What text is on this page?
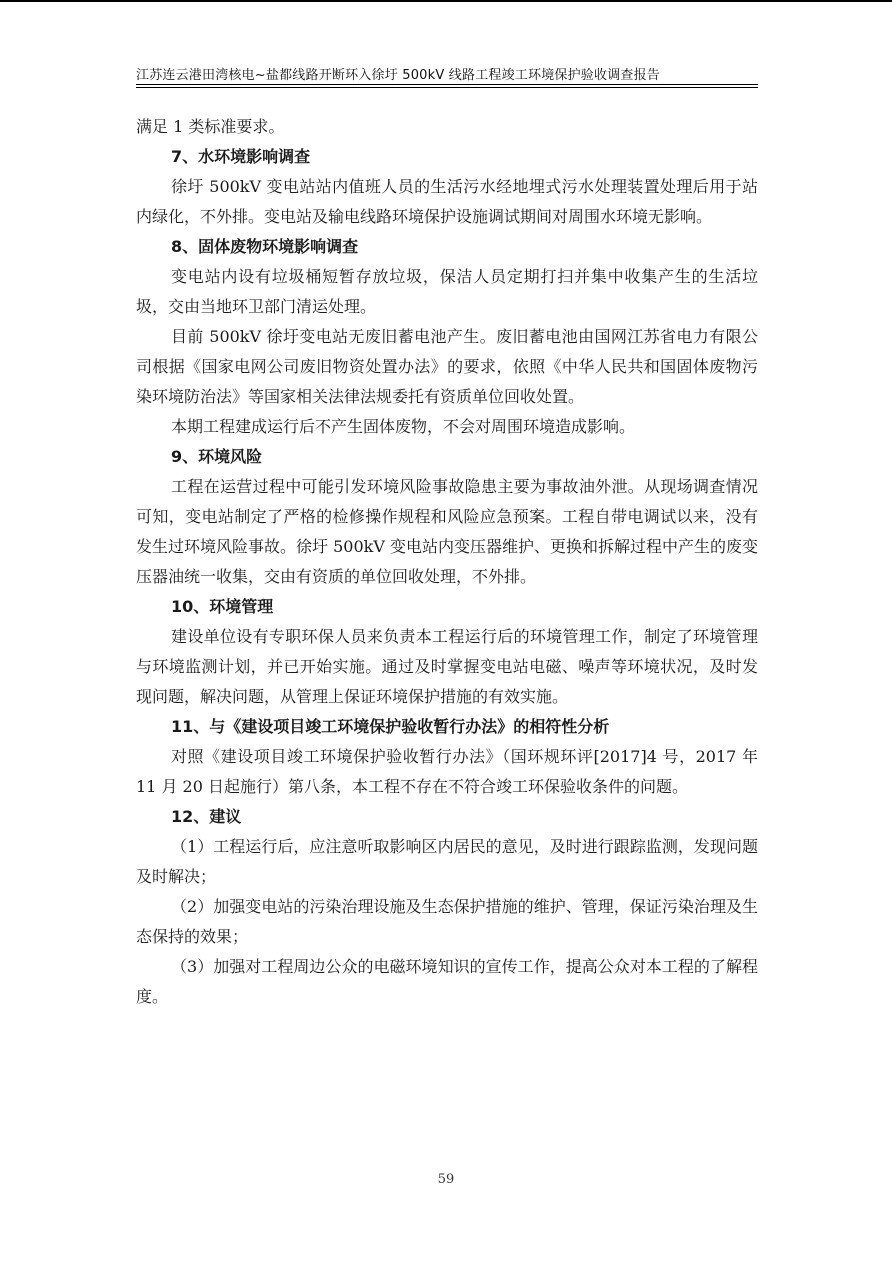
江苏连云港田湾核电~盐都线路开断环入徐圩 500kV 线路工程竣工环境保护验收调查报告

满足 1 类标准要求。

7、水环境影响调查

徐圩 500kV 变电站站内值班人员的生活污水经地埋式污水处理装置处理后用于站内绿化，不外排。变电站及输电线路环境保护设施调试期间对周围水环境无影响。

8、固体废物环境影响调查

变电站内设有垃圾桶短暂存放垃圾，保洁人员定期打扫并集中收集产生的生活垃圾，交由当地环卫部门清运处理。

目前 500kV 徐圩变电站无废旧蓄电池产生。废旧蓄电池由国网江苏省电力有限公司根据《国家电网公司废旧物资处置办法》的要求，依照《中华人民共和国固体废物污染环境防治法》等国家相关法律法规委托有资质单位回收处置。

本期工程建成运行后不产生固体废物，不会对周围环境造成影响。

9、环境风险

工程在运营过程中可能引发环境风险事故隐患主要为事故油外泄。从现场调查情况可知，变电站制定了严格的检修操作规程和风险应急预案。工程自带电调试以来，没有发生过环境风险事故。徐圩 500kV 变电站内变压器维护、更换和拆解过程中产生的废变压器油统一收集，交由有资质的单位回收处理，不外排。

10、环境管理

建设单位设有专职环保人员来负责本工程运行后的环境管理工作，制定了环境管理与环境监测计划，并已开始实施。通过及时掌握变电站电磁、噪声等环境状况，及时发现问题，解决问题，从管理上保证环境保护措施的有效实施。

11、与《建设项目竣工环境保护验收暂行办法》的相符性分析

对照《建设项目竣工环境保护验收暂行办法》（国环规环评[2017]4 号，2017 年 11 月 20 日起施行）第八条，本工程不存在不符合竣工环保验收条件的问题。

12、建议

（1）工程运行后，应注意听取影响区内居民的意见，及时进行跟踪监测，发现问题及时解决；

（2）加强变电站的污染治理设施及生态保护措施的维护、管理，保证污染治理及生态保持的效果；

（3）加强对工程周边公众的电磁环境知识的宣传工作，提高公众对本工程的了解程度。

59
